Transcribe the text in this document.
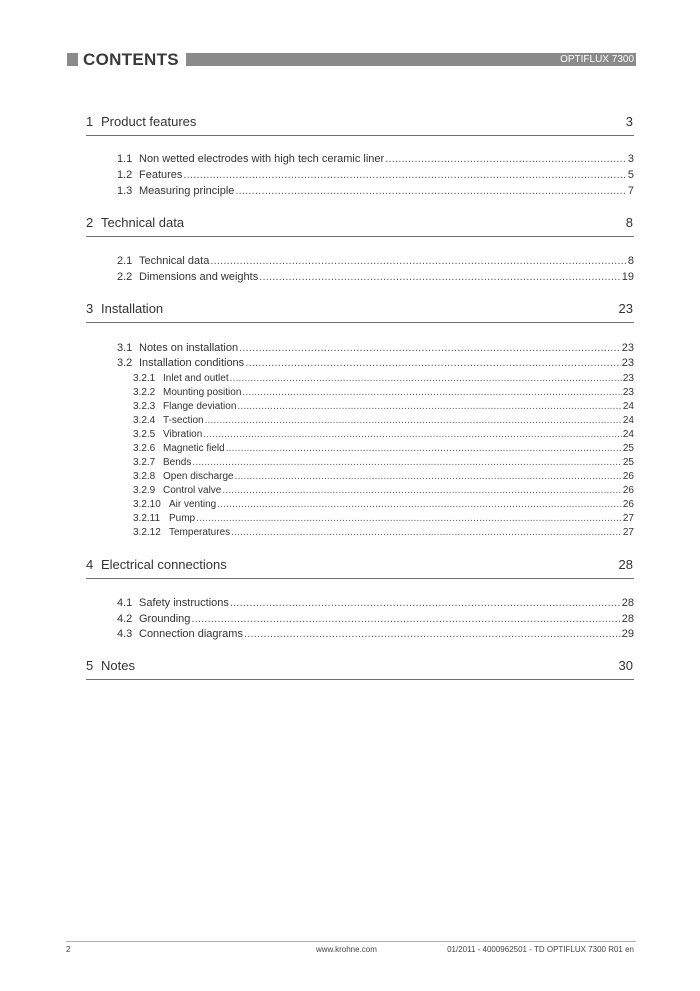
CONTENTS	OPTIFLUX 7300
1 Product features	3
1.1 Non wetted electrodes with high tech ceramic liner .....	3
1.2 Features .....	5
1.3 Measuring principle .....	7
2 Technical data	8
2.1 Technical data .....	8
2.2 Dimensions and weights .....	19
3 Installation	23
3.1 Notes on installation .....	23
3.2 Installation conditions .....	23
3.2.1 Inlet and outlet .....	23
3.2.2 Mounting position .....	23
3.2.3 Flange deviation .....	24
3.2.4 T-section .....	24
3.2.5 Vibration .....	24
3.2.6 Magnetic field .....	25
3.2.7 Bends .....	25
3.2.8 Open discharge .....	26
3.2.9 Control valve .....	26
3.2.10 Air venting .....	26
3.2.11 Pump .....	27
3.2.12 Temperatures .....	27
4 Electrical connections	28
4.1 Safety instructions .....	28
4.2 Grounding .....	28
4.3 Connection diagrams .....	29
5 Notes	30
2	www.krohne.com	01/2011 - 4000962501 - TD OPTIFLUX 7300 R01 en
